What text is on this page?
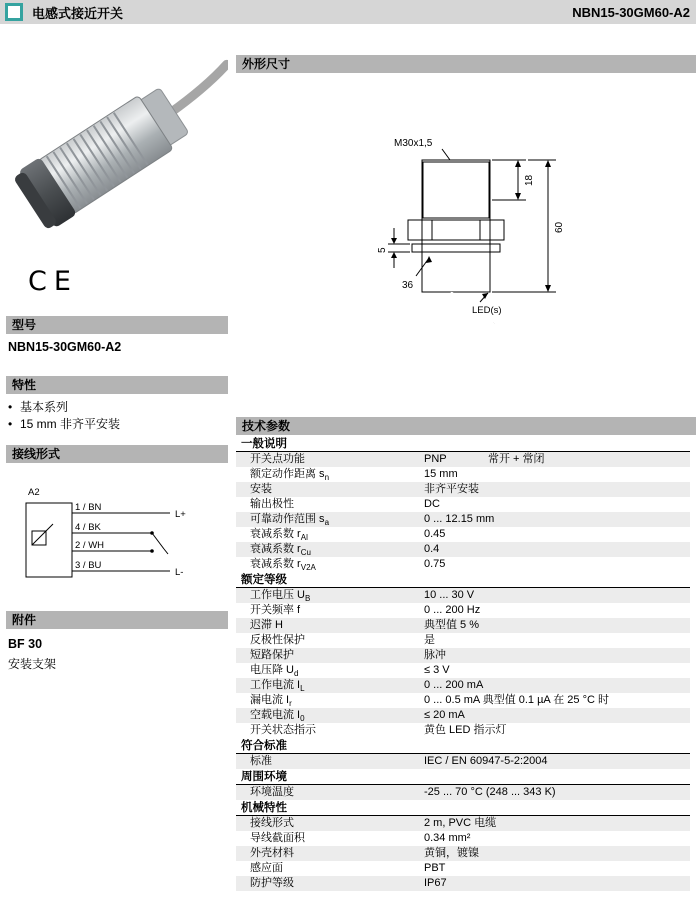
电感式接近开关	NBN15-30GM60-A2
CE
型号
NBN15-30GM60-A2
特性
• 基本系列
• 15 mm 非齐平安装
接线形式
A2
1 / BN
4 / BK
2 / WH
3 / BU
L+
L-
附件
BF 30
安装支架
外形尺寸
M30x1,5
18
60
5
36
LED(s)
技术参数
一般说明
开关点功能	PNP	常开 + 常闭
额定动作距离 $s_n$	15 mm
安装	非齐平安装
输出极性	DC
可靠动作范围 $s_a$	0 ... 12.15 mm
衰减系数 $r_{Al}$	0.45
衰减系数 $r_{Cu}$	0.4
衰减系数 $r_{V2A}$	0.75
额定等级
工作电压 $U_B$	10 ... 30 V
开关频率 f	0 ... 200 Hz
迟滞 H	典型值 5 %
反极性保护	是
短路保护	脉冲
电压降 $U_d$	≤ 3 V
工作电流 $I_L$	0 ... 200 mA
漏电流 $I_r$	0 ... 0.5 mA 典型值 0.1 µA 在 25 °C 时
空载电流 $I_0$	≤ 20 mA
开关状态指示	黄色 LED 指示灯
符合标准
标准	IEC / EN 60947-5-2:2004
周围环境
环境温度	-25 ... 70 °C (248 ... 343 K)
机械特性
接线形式	2 m, PVC 电缆
导线截面积	0.34 mm²
外壳材料	黄铜，镀镍
感应面	PBT
防护等级	IP67
